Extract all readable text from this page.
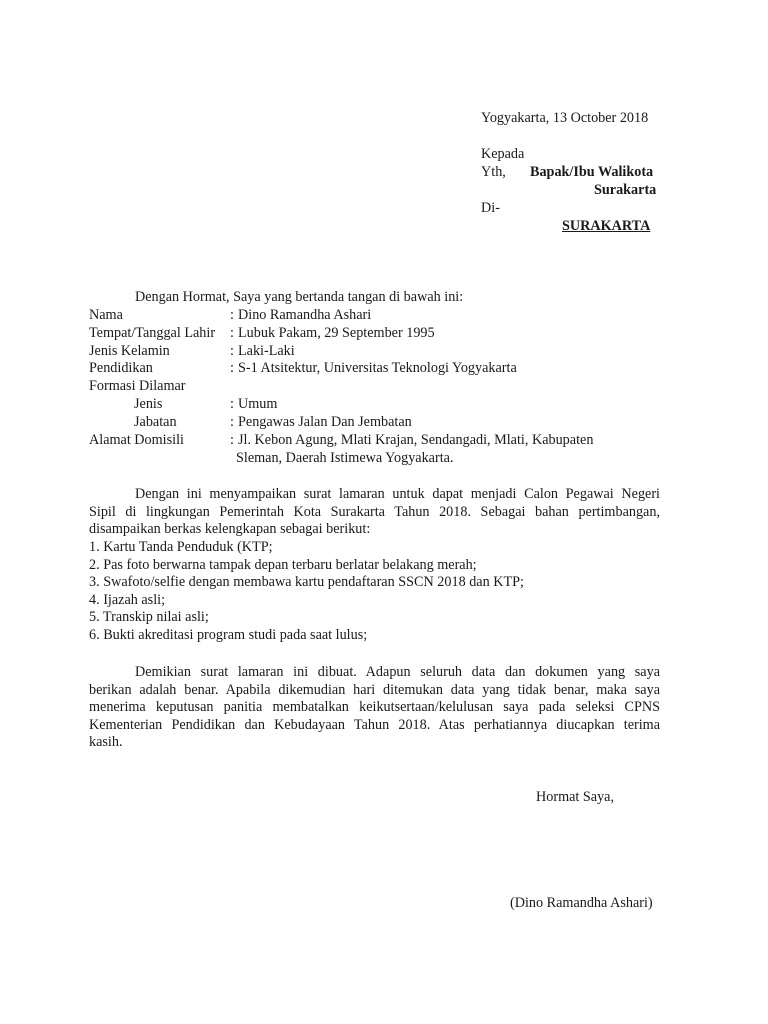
Yogyakarta, 13 October 2018
Kepada
Yth, Bapak/Ibu Walikota
Surakarta
Di-
SURAKARTA
Dengan Hormat, Saya yang bertanda tangan di bawah ini:
Nama	: Dino Ramandha Ashari
Tempat/Tanggal Lahir : Lubuk Pakam, 29 September 1995
Jenis Kelamin	: Laki-Laki
Pendidikan	: S-1 Atsitektur, Universitas Teknologi Yogyakarta
Formasi Dilamar
Jenis	: Umum
Jabatan	: Pengawas Jalan Dan Jembatan
Alamat Domisili	: Jl. Kebon Agung, Mlati Krajan, Sendangadi, Mlati, Kabupaten
Sleman, Daerah Istimewa Yogyakarta.

Dengan ini menyampaikan surat lamaran untuk dapat menjadi Calon Pegawai Negeri
Sipil di lingkungan Pemerintah Kota Surakarta Tahun 2018. Sebagai bahan pertimbangan,
disampaikan berkas kelengkapan sebagai berikut:

1. Kartu Tanda Penduduk (KTP;
2. Pas foto berwarna tampak depan terbaru berlatar belakang merah;
3. Swafoto/selfie dengan membawa kartu pendaftaran SSCN 2018 dan KTP;
4. Ijazah asli;
5. Transkip nilai asli;
6. Bukti akreditasi program studi pada saat lulus;

Demikian surat lamaran ini dibuat. Adapun seluruh data dan dokumen yang saya
berikan adalah benar. Apabila dikemudian hari ditemukan data yang tidak benar, maka saya
menerima keputusan panitia membatalkan keikutsertaan/kelulusan saya pada seleksi CPNS
Kementerian Pendidikan dan Kebudayaan Tahun 2018. Atas perhatiannya diucapkan terima
kasih.

Hormat Saya,
(Dino Ramandha Ashari)
